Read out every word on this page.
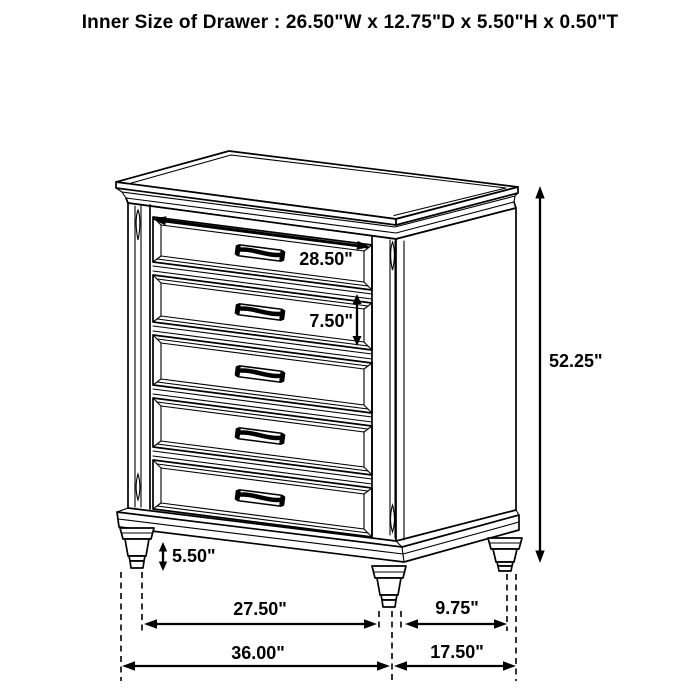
Inner Size of Drawer : 26.50"W x 12.75"D x 5.50"H x 0.50"T
28.50"
7.50"
52.25"
5.50"
27.50"	9.75"
36.00"	17.50"
